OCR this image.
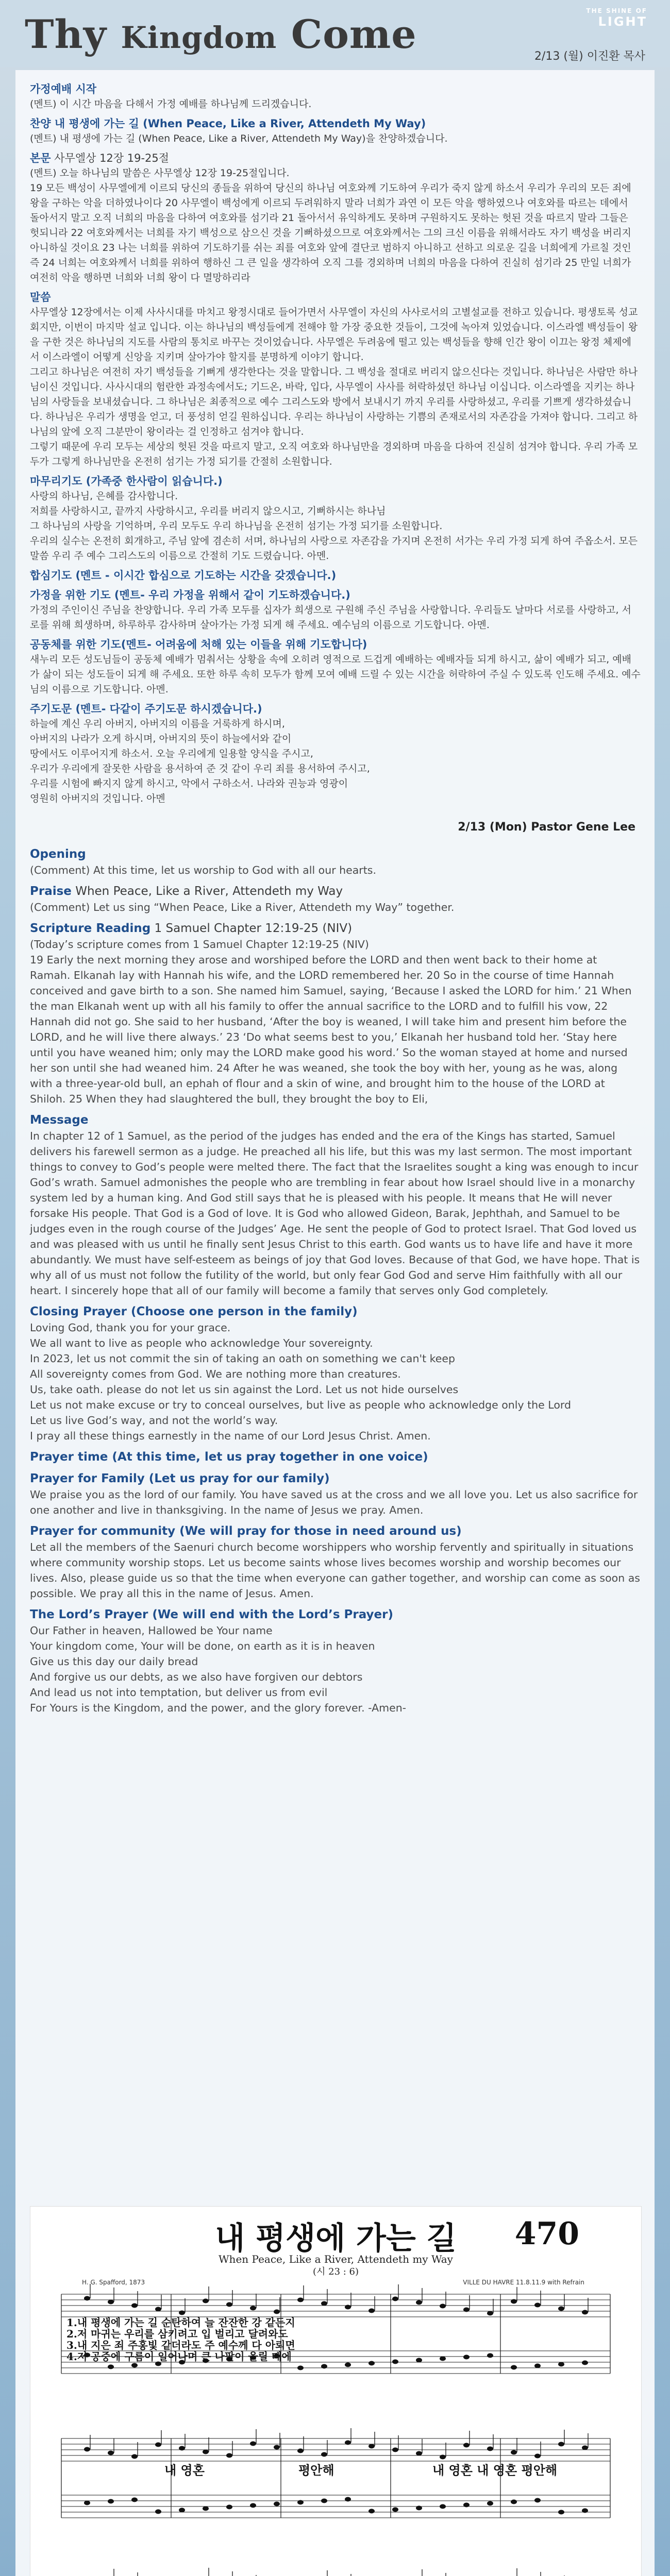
Thy Kingdom Come
THE SHINE OF
LIGHT
2/13 (월) 이진환 목사
가정예배 시작
(멘트) 이 시간 마음을 다해서 가정 예배를 하나님께 드리겠습니다.
찬양 내 평생에 가는 길 (When Peace, Like a River, Attendeth My Way)
(멘트) 내 평생에 가는 길 (When Peace, Like a River, Attendeth My Way)을 찬양하겠습니다.
본문 사무엘상 12장 19-25절
(멘트) 오늘 하나님의 말씀은 사무엘상 12장 19-25절입니다.
19 모든 백성이 사무엘에게 이르되 당신의 종들을 위하여 당신의 하나님 여호와께 기도하여 우리가 죽지 않게 하소서 우리가 우리의 모든 죄에 왕을 구하는 악을 더하였나이다 20 사무엘이 백성에게 이르되 두려워하지 말라 너희가 과연 이 모든 악을 행하였으나 여호와를 따르는 데에서 돌아서지 말고 오직 너희의 마음을 다하여 여호와를 섬기라 21 돌아서서 유익하게도 못하며 구원하지도 못하는 헛된 것을 따르지 말라 그들은 헛되니라 22 여호와께서는 너희를 자기 백성으로 삼으신 것을 기뻐하셨으므로 여호와께서는 그의 크신 이름을 위해서라도 자기 백성을 버리지 아니하실 것이요 23 나는 너희를 위하여 기도하기를 쉬는 죄를 여호와 앞에 결단코 범하지 아니하고 선하고 의로운 길을 너희에게 가르칠 것인즉 24 너희는 여호와께서 너희를 위하여 행하신 그 큰 일을 생각하여 오직 그를 경외하며 너희의 마음을 다하여 진실히 섬기라 25 만일 너희가 여전히 악을 행하면 너희와 너희 왕이 다 멸망하리라
말씀
사무엘상 12장에서는 이제 사사시대를 마치고 왕정시대로 들어가면서 사무엘이 자신의 사사로서의 고별설교를 전하고 있습니다. 평생토록 성교회지만, 이번이 마지막 설교 입니다. 이는 하나님의 백성들에게 전해야 할 가장 중요한 것들이, 그것에 녹아져 있었습니다. 이스라엘 백성들이 왕을 구한 것은 하나님의 지도를 사람의 통치로 바꾸는 것이었습니다. 사무엘은 두려움에 떨고 있는 백성들을 향해 인간 왕이 이끄는 왕정 체제에서 이스라엘이 어떻게 신앙을 지키며 살아가야 할지를 분명하게 이야기 합니다.
그리고 하나님은 여전히 자기 백성들을 기뻐게 생각한다는 것을 말합니다. 그 백성을 절대로 버리지 않으신다는 것입니다. 하나님은 사람만 하나님이신 것입니다. 사사시대의 험란한 과정속에서도; 기드온, 바락, 입다, 사무엘이 사사를 허락하셨던 하나님 이십니다. 이스라엘을 지키는 하나님의 사랑들을 보내셨습니다. 그 하나님은 최종적으로 예수 그리스도와 방에서 보내시기 까지 우리를 사랑하셨고, 우리를 기쁘게 생각하셨습니다. 하나님은 우리가 생명을 얻고, 더 풍성히 얻길 원하십니다. 우리는 하나님이 사랑하는 기쁨의 존재로서의 자존감을 가져야 합니다. 그리고 하나님의 앞에 오직 그분만이 왕이라는 걸 인정하고 섬겨야 합니다.
그렇기 때문에 우리 모두는 세상의 헛된 것을 따르지 말고, 오직 여호와 하나님만을 경외하며 마음을 다하여 진실히 섬겨야 합니다. 우리 가족 모두가 그렇게 하나님만을 온전히 섬기는 가정 되기를 간절히 소원합니다.
마무리기도 (가족중 한사람이 읽습니다.)
사랑의 하나님, 은혜를 감사합니다.
저희를 사랑하시고, 끝까지 사랑하시고, 우리를 버리지 않으시고, 기뻐하시는 하나님
그 하나님의 사랑을 기억하며, 우리 모두도 우리 하나님을 온전히 섬기는 가정 되기를 소원합니다.
우리의 실수는 온전히 회개하고, 주님 앞에 겸손히 서며, 하나님의 사랑으로 자존감을 가지며 온전히 서가는 우리 가정 되게 하여 주옵소서. 모든 말씀 우리 주 예수 그리스도의 이름으로 간절히 기도 드렸습니다. 아멘.
합심기도 (멘트 - 이시간 합심으로 기도하는 시간을 갖겠습니다.)
가정을 위한 기도 (멘트- 우리 가정을 위해서 같이 기도하겠습니다.)
가정의 주인이신 주님을 찬양합니다. 우리 가족 모두를 십자가 희생으로 구원해 주신 주님을 사랑합니다. 우리들도 날마다 서로를 사랑하고, 서로를 위해 희생하며, 하루하루 감사하며 살아가는 가정 되게 해 주세요. 예수님의 이름으로 기도합니다. 아멘.
공동체를 위한 기도(멘트- 어려움에 처해 있는 이들을 위해 기도합니다)
새누리 모든 성도님들이 공동체 예배가 멈춰서는 상황을 속에 오히려 영적으로 드겁게 예배하는 예배자들 되게 하시고, 삶이 예배가 되고, 예배가 삶이 되는 성도들이 되게 해 주세요. 또한 하루 속히 모두가 함께 모여 예배 드릴 수 있는 시간을 허락하여 주실 수 있도록 인도해 주세요. 예수님의 이름으로 기도합니다. 아멘.
주기도문 (멘트- 다같이 주기도문 하시겠습니다.)
하늘에 계신 우리 아버지, 아버지의 이름을 거룩하게 하시며,
아버지의 나라가 오게 하시며, 아버지의 뜻이 하늘에서와 같이
땅에서도 이루어지게 하소서. 오늘 우리에게 일용할 양식을 주시고,
우리가 우리에게 잘못한 사람을 용서하여 준 것 같이 우리 죄를 용서하여 주시고,
우리를 시험에 빠지지 않게 하시고, 악에서 구하소서. 나라와 권능과 영광이
영원히 아버지의 것입니다. 아멘
2/13 (Mon) Pastor Gene Lee
Opening
(Comment) At this time, let us worship to God with all our hearts.
Praise When Peace, Like a River, Attendeth my Way
(Comment) Let us sing “When Peace, Like a River, Attendeth my Way” together.
Scripture Reading 1 Samuel Chapter 12:19-25 (NIV)
(Today’s scripture comes from 1 Samuel Chapter 12:19-25 (NIV)
19 Early the next morning they arose and worshiped before the LORD and then went back to their home at Ramah. Elkanah lay with Hannah his wife, and the LORD remembered her. 20 So in the course of time Hannah conceived and gave birth to a son. She named him Samuel, saying, ‘Because I asked the LORD for him.’ 21 When the man Elkanah went up with all his family to offer the annual sacrifice to the LORD and to fulfill his vow, 22 Hannah did not go. She said to her husband, ‘After the boy is weaned, I will take him and present him before the LORD, and he will live there always.’ 23 ‘Do what seems best to you,’ Elkanah her husband told her. ‘Stay here until you have weaned him; only may the LORD make good his word.’ So the woman stayed at home and nursed her son until she had weaned him. 24 After he was weaned, she took the boy with her, young as he was, along with a three-year-old bull, an ephah of flour and a skin of wine, and brought him to the house of the LORD at Shiloh. 25 When they had slaughtered the bull, they brought the boy to Eli,
Message
In chapter 12 of 1 Samuel, as the period of the judges has ended and the era of the Kings has started, Samuel delivers his farewell sermon as a judge. He preached all his life, but this was my last sermon. The most important things to convey to God’s people were melted there. The fact that the Israelites sought a king was enough to incur God’s wrath. Samuel admonishes the people who are trembling in fear about how Israel should live in a monarchy system led by a human king. And God still says that he is pleased with his people. It means that He will never forsake His people. That God is a God of love. It is God who allowed Gideon, Barak, Jephthah, and Samuel to be judges even in the rough course of the Judges’ Age. He sent the people of God to protect Israel. That God loved us and was pleased with us until he finally sent Jesus Christ to this earth. God wants us to have life and have it more abundantly. We must have self-esteem as beings of joy that God loves. Because of that God, we have hope. That is why all of us must not follow the futility of the world, but only fear God God and serve Him faithfully with all our heart. I sincerely hope that all of our family will become a family that serves only God completely.
Closing Prayer (Choose one person in the family)
Loving God, thank you for your grace.
We all want to live as people who acknowledge Your sovereignty.
In 2023, let us not commit the sin of taking an oath on something we can't keep
All sovereignty comes from God. We are nothing more than creatures.
Us, take oath. please do not let us sin against the Lord. Let us not hide ourselves
Let us not make excuse or try to conceal ourselves, but live as people who acknowledge only the Lord
Let us live God’s way, and not the world’s way.
I pray all these things earnestly in the name of our Lord Jesus Christ. Amen.
Prayer time (At this time, let us pray together in one voice)
Prayer for Family (Let us pray for our family)
We praise you as the lord of our family. You have saved us at the cross and we all love you. Let us also sacrifice for one another and live in thanksgiving. In the name of Jesus we pray. Amen.
Prayer for community (We will pray for those in need around us)
Let all the members of the Saenuri church become worshippers who worship fervently and spiritually in situations where community worship stops. Let us become saints whose lives becomes worship and worship becomes our lives. Also, please guide us so that the time when everyone can gather together, and worship can come as soon as possible. We pray all this in the name of Jesus. Amen.
The Lord’s Prayer (We will end with the Lord’s Prayer)
Our Father in heaven, Hallowed be Your name
Your kingdom come, Your will be done, on earth as it is in heaven
Give us this day our daily bread
And forgive us our debts, as we also have forgiven our debtors
And lead us not into temptation, but deliver us from evil
For Yours is the Kingdom, and the power, and the glory forever. -Amen-
내 평생에 가는 길	470
When Peace, Like a River, Attendeth my Way
(시 23 : 6)
H. G. Spafford, 1873	VILLE DU HAVRE 11.8.11.9 with Refrain
1.내 평생에 가는 길 순탄하여 늘 잔잔한 강 같든지
2.저 마귀는 우리를 삼키려고 입 벌리고 달려와도
3.내 지은 죄 주홍빛 같더라도 주 예수께 다 아뢰면
4.저 공중에 구름이 일어나며 큰 나팔이 울릴 때에
내 영혼	평안해	내 영혼 내 영혼 평안해
